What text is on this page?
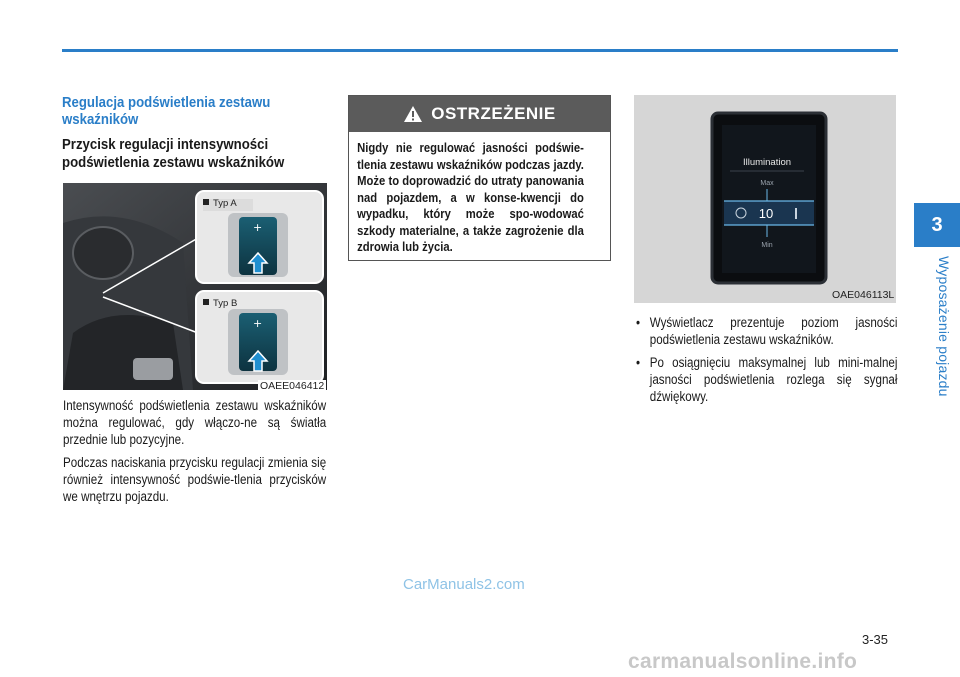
3
Wyposażenie pojazdu
Regulacja podświetlenia zestawu wskaźników
Przycisk regulacji intensywności podświetlenia zestawu wskaźników
+
+
Typ A
Typ B
OAEE046412
Intensywność podświetlenia zestawu wskaźników można regulować, gdy włączo-ne są światła przednie lub pozycyjne.
Podczas naciskania przycisku regulacji zmienia się również intensywność podświe-tlenia przycisków we wnętrzu pojazdu.
OSTRZEŻENIE
Nigdy nie regulować jasności podświe-tlenia zestawu wskaźników podczas jazdy. Może to doprowadzić do utraty panowania nad pojazdem, a w konse-kwencji do wypadku, który może spo-wodować szkody materialne, a także zagrożenie dla zdrowia lub życia.
Illumination
Max
10
Min
OAE046113L
• Wyświetlacz prezentuje poziom jasności podświetlenia zestawu wskaźników.
• Po osiągnięciu maksymalnej lub mini-malnej jasności podświetlenia rozlega się sygnał dźwiękowy.
CarManuals2.com
3-35
carmanualsonline.info
